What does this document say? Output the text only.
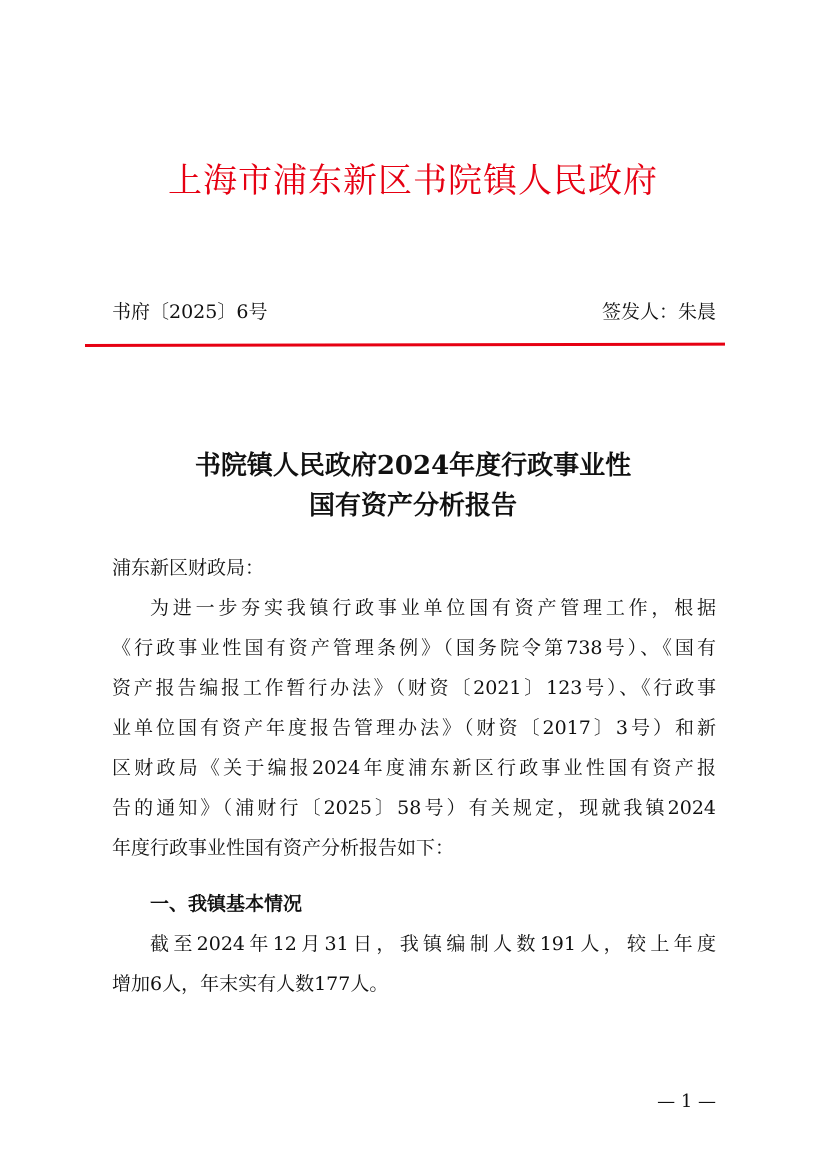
上海市浦东新区书院镇人民政府
书府〔2025〕6号	签发人：朱晨
书院镇人民政府2024年度行政事业性
国有资产分析报告
浦东新区财政局：
为进一步夯实我镇行政事业单位国有资产管理工作，根据
《行政事业性国有资产管理条例》（国务院令第738号）、《国有
资产报告编报工作暂行办法》（财资〔2021〕123号）、《行政事
业单位国有资产年度报告管理办法》（财资〔2017〕3号）和新
区财政局《关于编报2024年度浦东新区行政事业性国有资产报
告的通知》（浦财行〔2025〕58号）有关规定，现就我镇2024
年度行政事业性国有资产分析报告如下：
一、我镇基本情况
截至2024年12月31日，我镇编制人数191人，较上年度
增加6人，年末实有人数177人。
— 1 —
